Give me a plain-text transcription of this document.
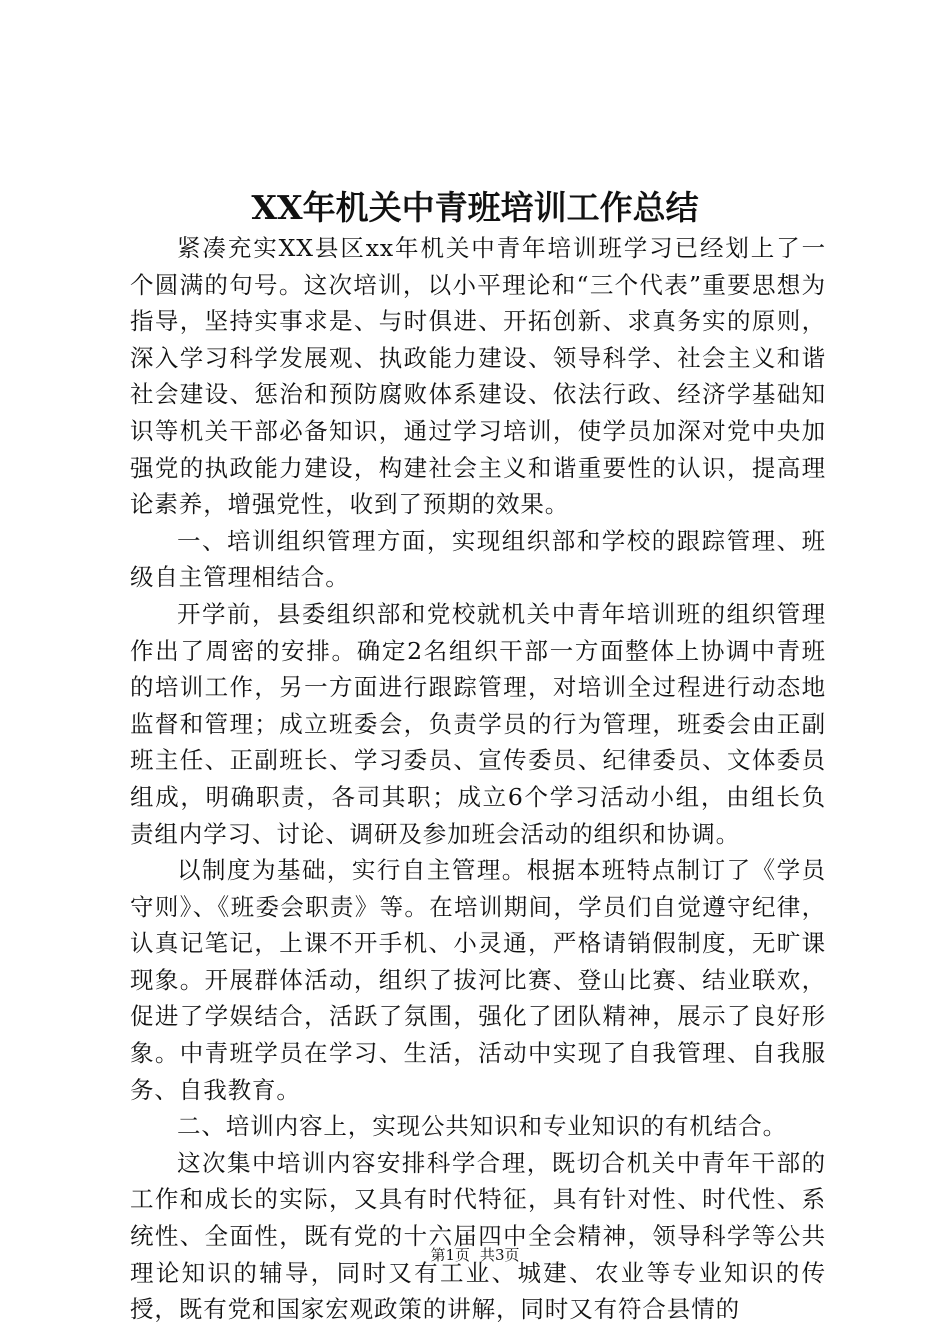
XX年机关中青班培训工作总结

紧凑充实XX县区xx年机关中青年培训班学习已经划上了一个圆满的句号。这次培训，以小平理论和“三个代表”重要思想为指导，坚持实事求是、与时俱进、开拓创新、求真务实的原则，深入学习科学发展观、执政能力建设、领导科学、社会主义和谐社会建设、惩治和预防腐败体系建设、依法行政、经济学基础知识等机关干部必备知识，通过学习培训，使学员加深对党中央加强党的执政能力建设，构建社会主义和谐重要性的认识，提高理论素养，增强党性，收到了预期的效果。

一、培训组织管理方面，实现组织部和学校的跟踪管理、班级自主管理相结合。

开学前，县委组织部和党校就机关中青年培训班的组织管理作出了周密的安排。确定2名组织干部一方面整体上协调中青班的培训工作，另一方面进行跟踪管理，对培训全过程进行动态地监督和管理；成立班委会，负责学员的行为管理，班委会由正副班主任、正副班长、学习委员、宣传委员、纪律委员、文体委员组成，明确职责，各司其职；成立6个学习活动小组，由组长负责组内学习、讨论、调研及参加班会活动的组织和协调。

以制度为基础，实行自主管理。根据本班特点制订了《学员守则》、《班委会职责》等。在培训期间，学员们自觉遵守纪律，认真记笔记，上课不开手机、小灵通，严格请销假制度，无旷课现象。开展群体活动，组织了拔河比赛、登山比赛、结业联欢，促进了学娱结合，活跃了氛围，强化了团队精神，展示了良好形象。中青班学员在学习、生活，活动中实现了自我管理、自我服务、自我教育。

二、培训内容上，实现公共知识和专业知识的有机结合。

这次集中培训内容安排科学合理，既切合机关中青年干部的工作和成长的实际，又具有时代特征，具有针对性、时代性、系统性、全面性，既有党的十六届四中全会精神，领导科学等公共理论知识的辅导，同时又有工业、城建、农业等专业知识的传授，既有党和国家宏观政策的讲解，同时又有符合县情的

第1页 共3页
